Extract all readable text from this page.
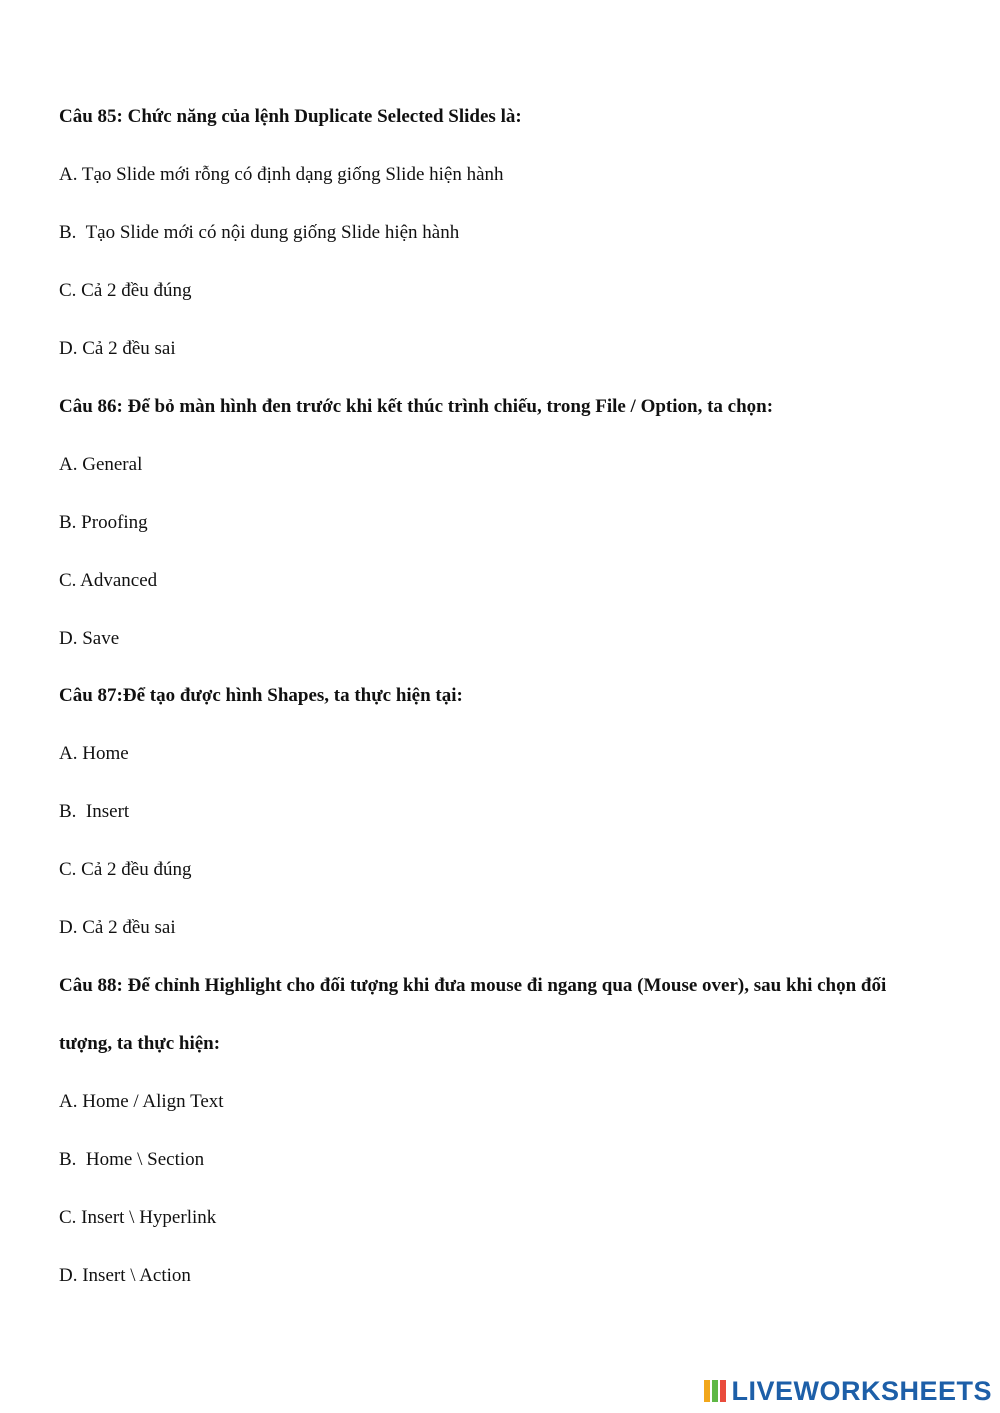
Câu 85: Chức năng của lệnh Duplicate Selected Slides là:
A. Tạo Slide mới rỗng có định dạng giống Slide hiện hành
B.  Tạo Slide mới có nội dung giống Slide hiện hành
C. Cả 2 đều đúng
D. Cả 2 đều sai
Câu 86: Để bỏ màn hình đen trước khi kết thúc trình chiếu, trong File / Option, ta chọn:
A. General
B. Proofing
C. Advanced
D. Save
Câu 87:Để tạo được hình Shapes, ta thực hiện tại:
A. Home
B.  Insert
C. Cả 2 đều đúng
D. Cả 2 đều sai
Câu 88: Để chỉnh Highlight cho đối tượng khi đưa mouse đi ngang qua (Mouse over), sau khi chọn đối
tượng, ta thực hiện:
A. Home / Align Text
B.  Home \ Section
C. Insert \ Hyperlink
D. Insert \ Action
LIVEWORKSHEETS
